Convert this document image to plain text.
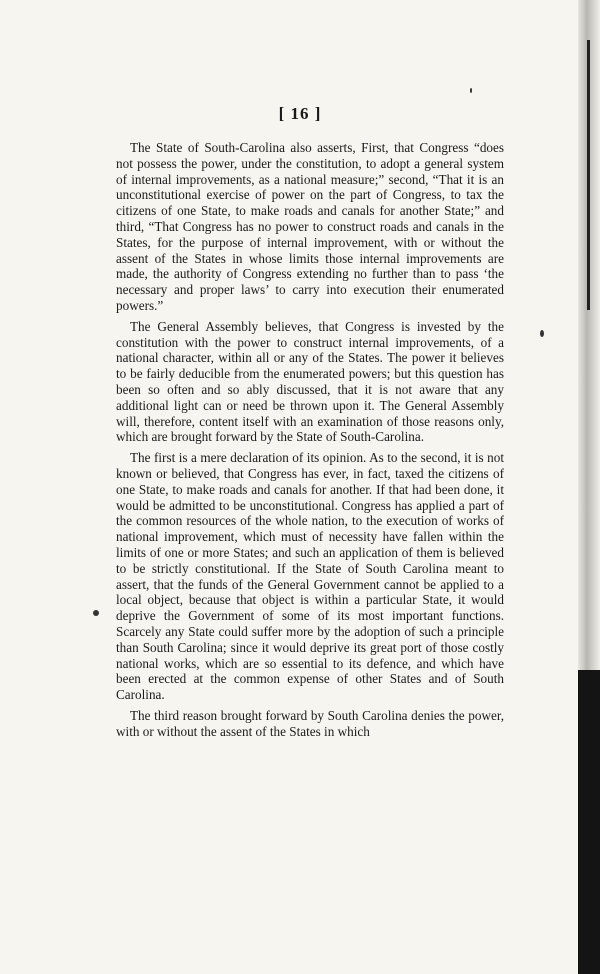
[ 16 ]

The State of South-Carolina also asserts, First, that Congress “does not possess the power, under the constitution, to adopt a general system of internal improvements, as a national measure;” second, “That it is an unconstitutional exercise of power on the part of Congress, to tax the citizens of one State, to make roads and canals for another State;” and third, “That Congress has no power to construct roads and canals in the States, for the purpose of internal improvement, with or without the assent of the States in whose limits those internal improvements are made, the authority of Congress extending no further than to pass ‘the necessary and proper laws’ to carry into execution their enumerated powers.”

The General Assembly believes, that Congress is invested by the constitution with the power to construct internal improvements, of a national character, within all or any of the States. The power it believes to be fairly deducible from the enumerated powers; but this question has been so often and so ably discussed, that it is not aware that any additional light can or need be thrown upon it. The General Assembly will, therefore, content itself with an examination of those reasons only, which are brought forward by the State of South-Carolina.

The first is a mere declaration of its opinion. As to the second, it is not known or believed, that Congress has ever, in fact, taxed the citizens of one State, to make roads and canals for another. If that had been done, it would be admitted to be unconstitutional. Congress has applied a part of the common resources of the whole nation, to the execution of works of national improvement, which must of necessity have fallen within the limits of one or more States; and such an application of them is believed to be strictly constitutional. If the State of South Carolina meant to assert, that the funds of the General Government cannot be applied to a local object, because that object is within a particular State, it would deprive the Government of some of its most important functions. Scarcely any State could suffer more by the adoption of such a principle than South Carolina; since it would deprive its great port of those costly national works, which are so essential to its defence, and which have been erected at the common expense of other States and of South Carolina.

The third reason brought forward by South Carolina denies the power, with or without the assent of the States in which
